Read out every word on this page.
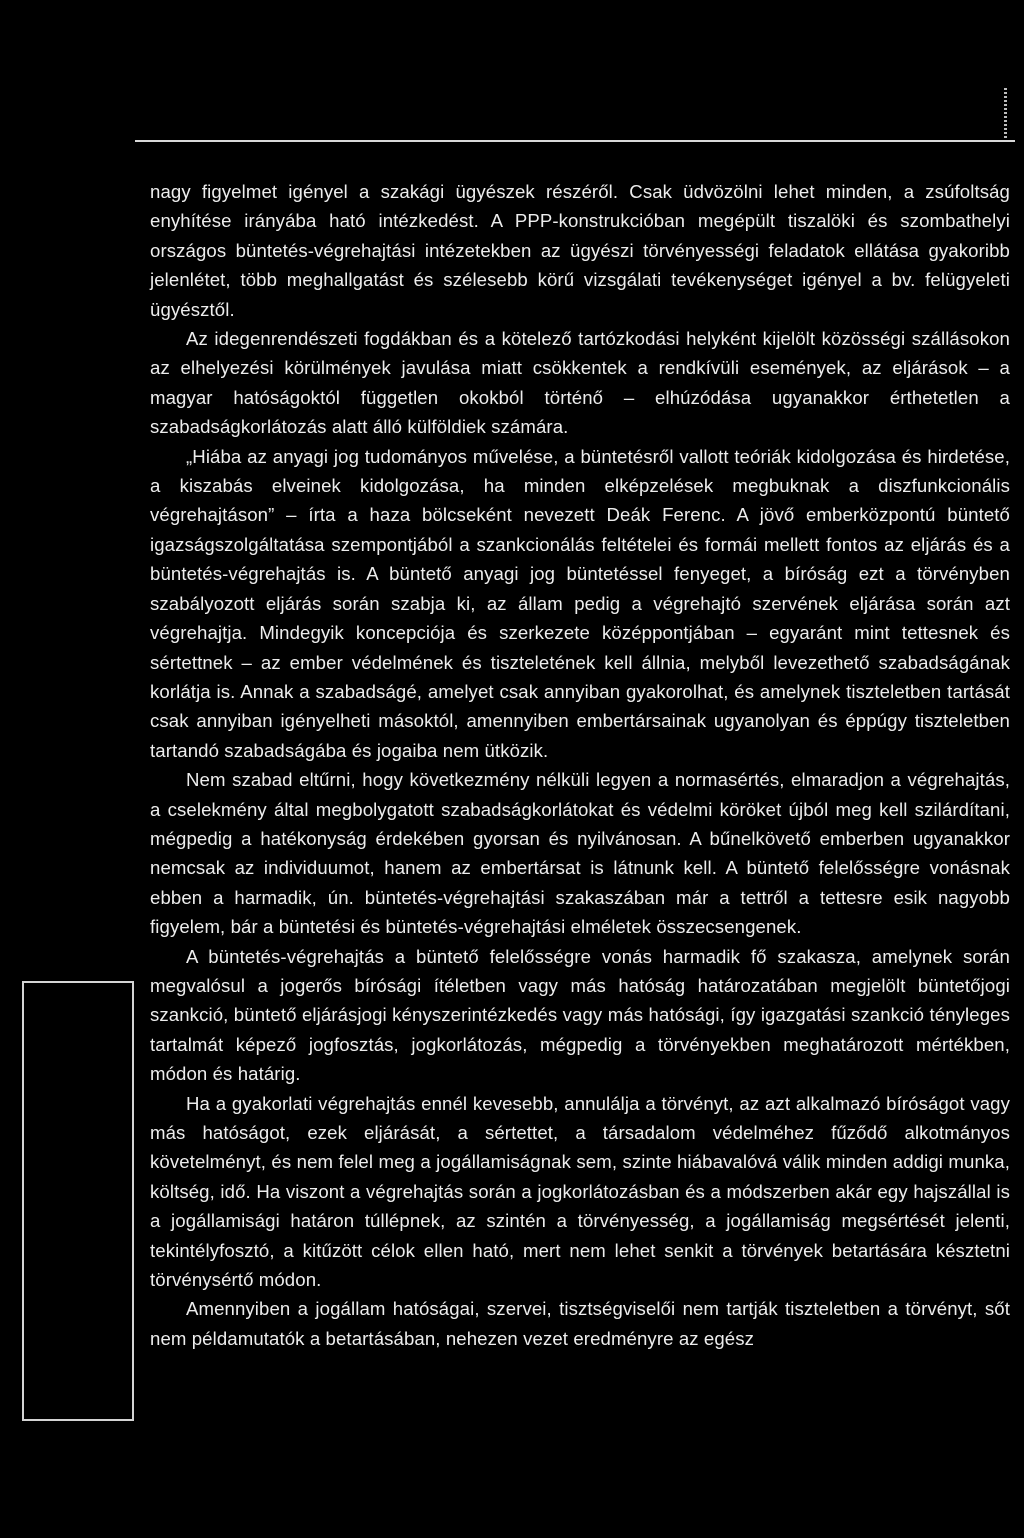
nagy figyelmet igényel a szakági ügyészek részéről. Csak üdvözölni lehet minden, a zsúfoltság enyhítése irányába ható intézkedést. A PPP-konstrukcióban megépült tiszalöki és szombathelyi országos büntetés-végrehajtási intézetekben az ügyészi törvényességi feladatok ellátása gyakoribb jelenlétet, több meghallgatást és szélesebb körű vizsgálati tevékenységet igényel a bv. felügyeleti ügyésztől.

Az idegenrendészeti fogdákban és a kötelező tartózkodási helyként kijelölt közösségi szállásokon az elhelyezési körülmények javulása miatt csökkentek a rendkívüli események, az eljárások – a magyar hatóságoktól független okokból történő – elhúzódása ugyanakkor érthetetlen a szabadságkorlátozás alatt álló külföldiek számára.

„Hiába az anyagi jog tudományos művelése, a büntetésről vallott teóriák kidolgozása és hirdetése, a kiszabás elveinek kidolgozása, ha minden elképzelések megbuknak a diszfunkcionális végrehajtáson” – írta a haza bölcseként nevezett Deák Ferenc. A jövő emberközpontú büntető igazságszolgáltatása szempontjából a szankcionálás feltételei és formái mellett fontos az eljárás és a büntetés-végrehajtás is. A büntető anyagi jog büntetéssel fenyeget, a bíróság ezt a törvényben szabályozott eljárás során szabja ki, az állam pedig a végrehajtó szervének eljárása során azt végrehajtja. Mindegyik koncepciója és szerkezete középpontjában – egyaránt mint tettesnek és sértettnek – az ember védelmének és tiszteletének kell állnia, melyből levezethető szabadságának korlátja is. Annak a szabadságé, amelyet csak annyiban gyakorolhat, és amelynek tiszteletben tartását csak annyiban igényelheti másoktól, amennyiben embertársainak ugyanolyan és éppúgy tiszteletben tartandó szabadságába és jogaiba nem ütközik.

Nem szabad eltűrni, hogy következmény nélküli legyen a normasértés, elmaradjon a végrehajtás, a cselekmény által megbolygatott szabadságkorlátokat és védelmi köröket újból meg kell szilárdítani, mégpedig a hatékonyság érdekében gyorsan és nyilvánosan. A bűnelkövető emberben ugyanakkor nemcsak az individuumot, hanem az embertársat is látnunk kell. A büntető felelősségre vonásnak ebben a harmadik, ún. büntetés-végrehajtási szakaszában már a tettről a tettesre esik nagyobb figyelem, bár a büntetési és büntetés-végrehajtási elméletek összecsengenek.

A büntetés-végrehajtás a büntető felelősségre vonás harmadik fő szakasza, amelynek során megvalósul a jogerős bírósági ítéletben vagy más hatóság határozatában megjelölt büntetőjogi szankció, büntető eljárásjogi kényszerintézkedés vagy más hatósági, így igazgatási szankció tényleges tartalmát képező jogfosztás, jogkorlátozás, mégpedig a törvényekben meghatározott mértékben, módon és határig.

Ha a gyakorlati végrehajtás ennél kevesebb, annulálja a törvényt, az azt alkalmazó bíróságot vagy más hatóságot, ezek eljárását, a sértettet, a társadalom védelméhez fűződő alkotmányos követelményt, és nem felel meg a jogállamiságnak sem, szinte hiábavalóvá válik minden addigi munka, költség, idő. Ha viszont a végrehajtás során a jogkorlátozásban és a módszerben akár egy hajszállal is a jogállamisági határon túllépnek, az szintén a törvényesség, a jogállamiság megsértését jelenti, tekintélyfosztó, a kitűzött célok ellen ható, mert nem lehet senkit a törvények betartására késztetni törvénysértő módon.

Amennyiben a jogállam hatóságai, szervei, tisztségviselői nem tartják tiszteletben a törvényt, sőt nem példamutatók a betartásában, nehezen vezet eredményre az egész
